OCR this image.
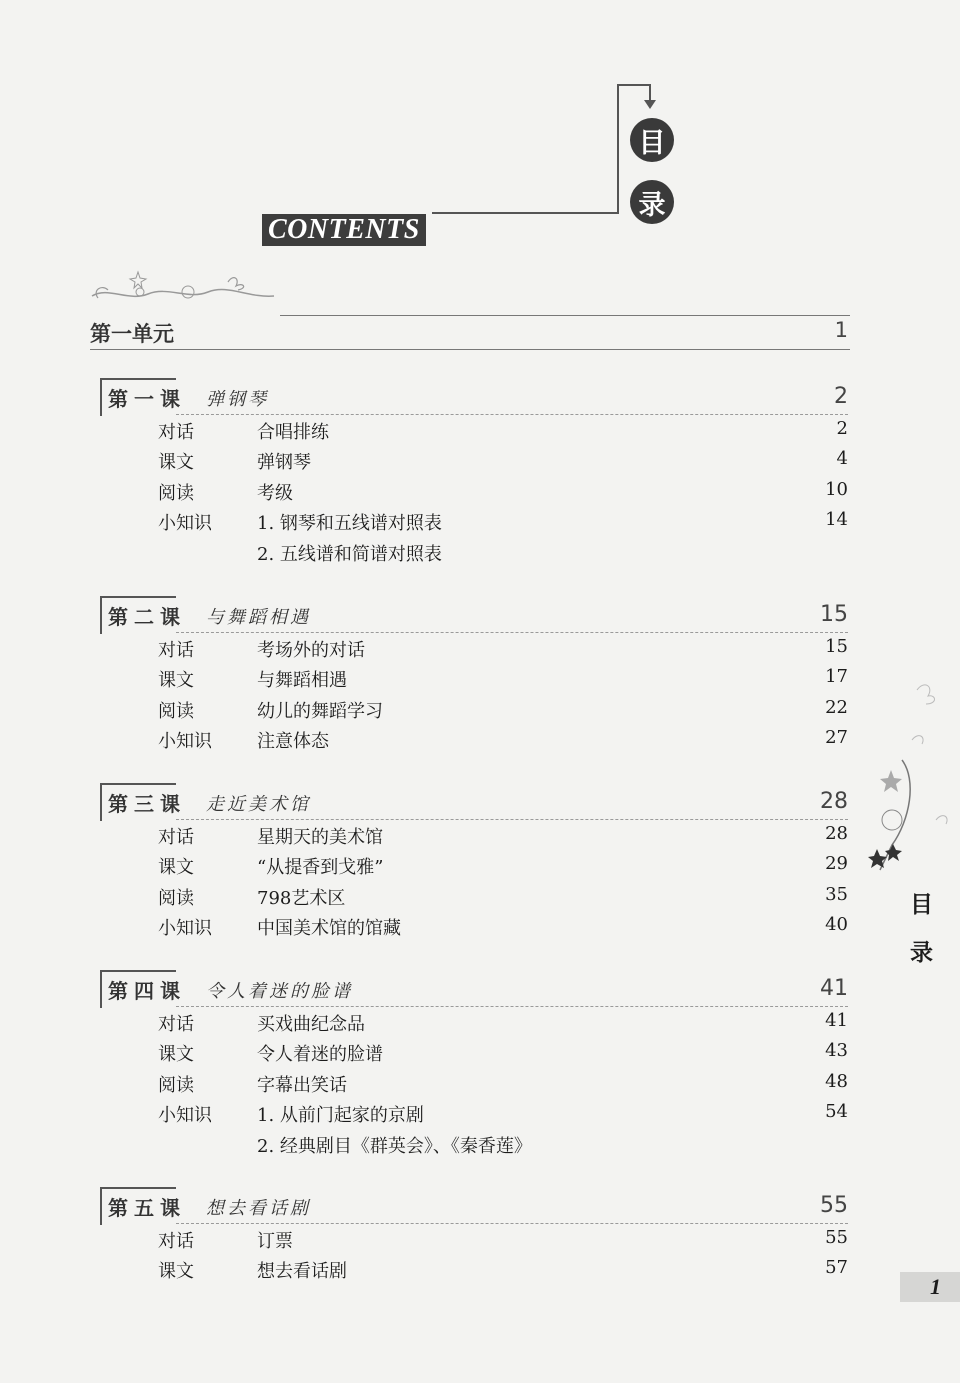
目
录
CONTENTS
第一单元	1
第一课 弹钢琴	2
对话	合唱排练	2
课文	弹钢琴	4
阅读	考级	10
小知识	1. 钢琴和五线谱对照表	14
2. 五线谱和简谱对照表
第二课 与舞蹈相遇	15
对话	考场外的对话	15
课文	与舞蹈相遇	17
阅读	幼儿的舞蹈学习	22
小知识	注意体态	27
第三课 走近美术馆	28
对话	星期天的美术馆	28
课文	“从提香到戈雅”	29
阅读	798艺术区	35
小知识	中国美术馆的馆藏	40
第四课 令人着迷的脸谱	41
对话	买戏曲纪念品	41
课文	令人着迷的脸谱	43
阅读	字幕出笑话	48
小知识	1. 从前门起家的京剧	54
2. 经典剧目《群英会》、《秦香莲》
第五课 想去看话剧	55
对话	订票	55
课文	想去看话剧	57
目
录
1
